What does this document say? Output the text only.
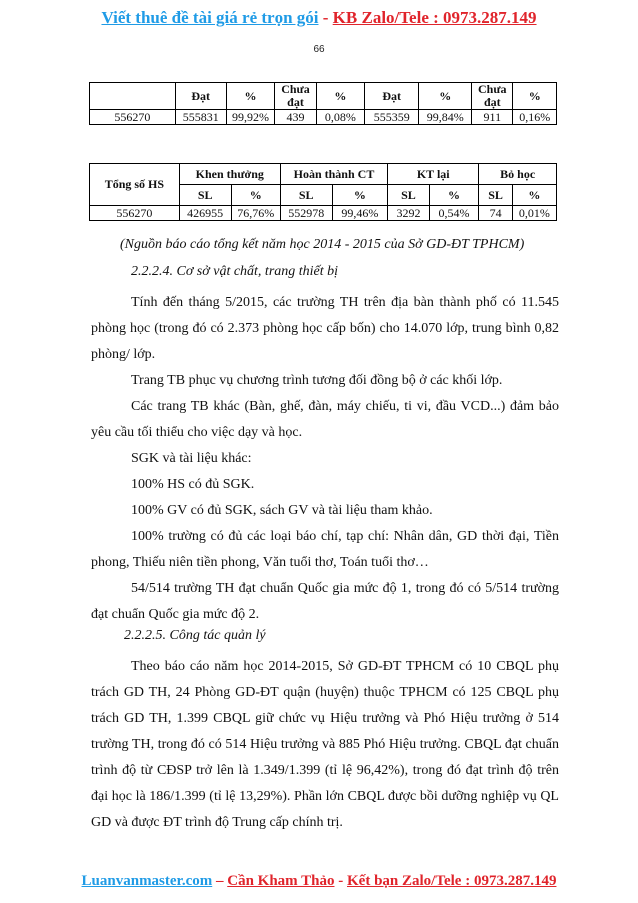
Viết thuê đề tài giá rẻ trọn gói - KB Zalo/Tele : 0973.287.149
66
	Đạt	%	Chưa đạt	%	Đạt	%	Chưa đạt	%
556270	555831	99,92%	439	0,08%	555359	99,84%	911	0,16%
Tổng số HS	Khen thưởng		Hoàn thành CT		KT lại		Bỏ học	
	SL	%	SL	%	SL	%	SL	%
556270	426955	76,76%	552978	99,46%	3292	0,54%	74	0,01%
(Nguồn báo cáo tổng kết năm học 2014 - 2015 của Sở GD-ĐT TPHCM)
2.2.2.4. Cơ sở vật chất, trang thiết bị
Tính đến tháng 5/2015, các trường TH trên địa bàn thành phố có 11.545 phòng học (trong đó có 2.373 phòng học cấp bốn) cho 14.070 lớp, trung bình 0,82 phòng/ lớp.
Trang TB phục vụ chương trình tương đối đồng bộ ở các khối lớp.
Các trang TB khác (Bàn, ghế, đàn, máy chiếu, ti vi, đầu VCD...) đảm bảo yêu cầu tối thiểu cho việc dạy và học.
SGK và tài liệu khác:
100% HS có đủ SGK.
100% GV có đủ SGK, sách GV và tài liệu tham khảo.
100% trường có đủ các loại báo chí, tạp chí: Nhân dân, GD thời đại, Tiền phong, Thiếu niên tiền phong, Văn tuổi thơ, Toán tuổi thơ…
54/514 trường TH đạt chuẩn Quốc gia mức độ 1, trong đó có 5/514 trường đạt chuẩn Quốc gia mức độ 2.
2.2.2.5. Công tác quản lý
Theo báo cáo năm học 2014-2015, Sở GD-ĐT TPHCM có 10 CBQL phụ trách GD TH, 24 Phòng GD-ĐT quận (huyện) thuộc TPHCM có 125 CBQL phụ trách GD TH, 1.399 CBQL giữ chức vụ Hiệu trưởng và Phó Hiệu trưởng ở 514 trường TH, trong đó có 514 Hiệu trưởng và 885 Phó Hiệu trưởng. CBQL đạt chuẩn trình độ từ CĐSP trở lên là 1.349/1.399 (tỉ lệ 96,42%), trong đó đạt trình độ trên đại học là 186/1.399 (tỉ lệ 13,29%). Phần lớn CBQL được bồi dưỡng nghiệp vụ QL GD và được ĐT trình độ Trung cấp chính trị.
Luanvanmaster.com – Cần Kham Thảo - Kết bạn Zalo/Tele : 0973.287.149
